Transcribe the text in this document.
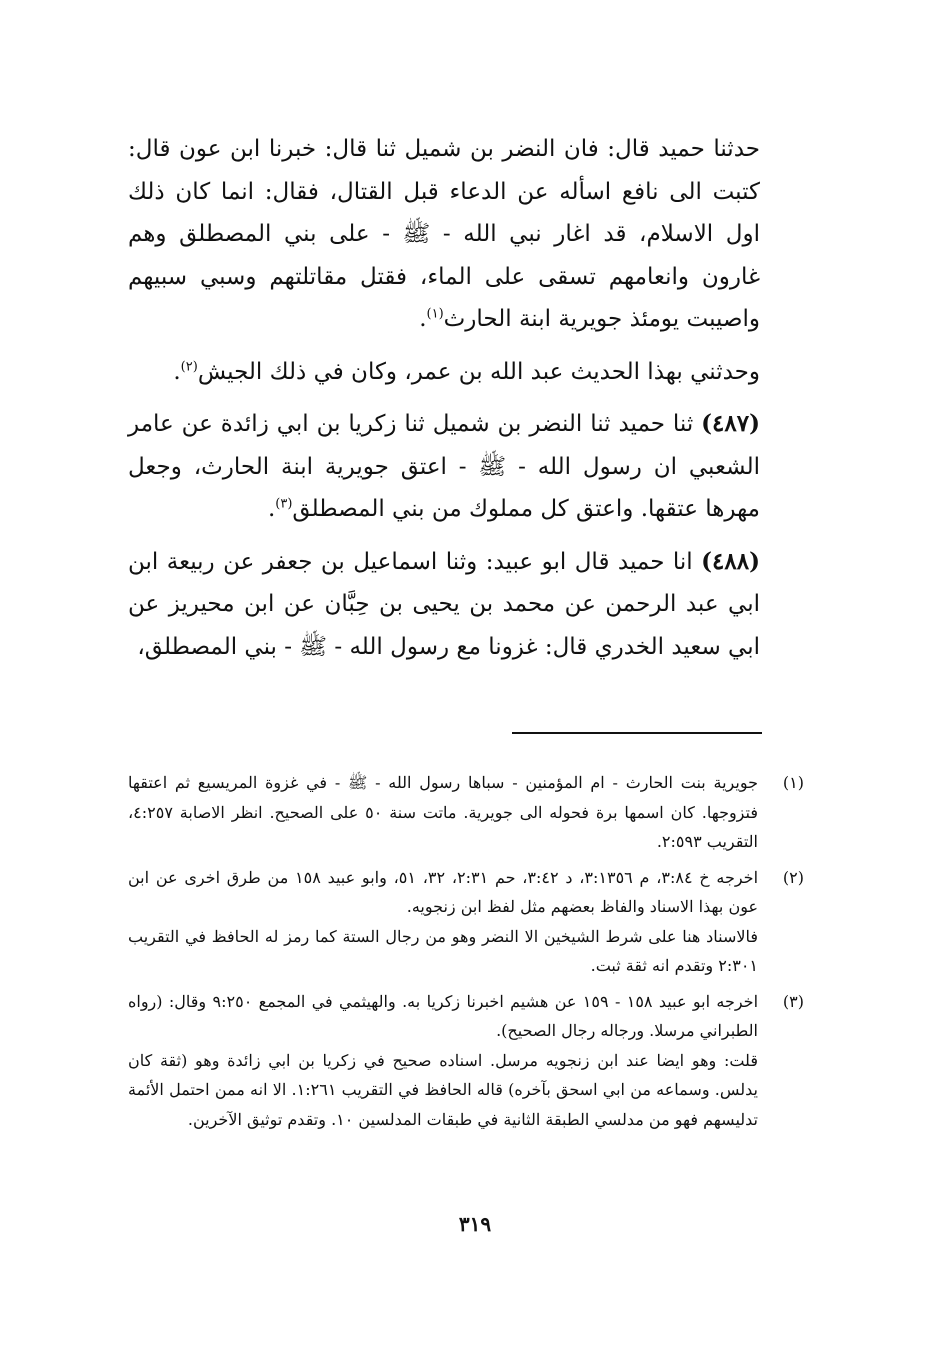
حدثنا حميد قال: فان النضر بن شميل ثنا قال: خبرنا ابن عون قال: كتبت الى نافع اسأله عن الدعاء قبل القتال، فقال: انما كان ذلك اول الاسلام، قد اغار نبي الله - ﷺ - على بني المصطلق وهم غارون وانعامهم تسقى على الماء، فقتل مقاتلتهم وسبي سبيهم واصيبت يومئذ جويرية ابنة الحارث$^{(١)}$.

وحدثني بهذا الحديث عبد الله بن عمر، وكان في ذلك الجيش$^{(٢)}$.

(٤٨٧) ثنا حميد ثنا النضر بن شميل ثنا زكريا بن ابي زائدة عن عامر الشعبي ان رسول الله - ﷺ - اعتق جويرية ابنة الحارث، وجعل مهرها عتقها. واعتق كل مملوك من بني المصطلق$^{(٣)}$.

(٤٨٨) انا حميد قال ابو عبيد: وثنا اسماعيل بن جعفر عن ربيعة ابن ابي عبد الرحمن عن محمد بن يحيى بن حِبَّان عن ابن محيريز عن ابي سعيد الخدري قال: غزونا مع رسول الله - ﷺ - بني المصطلق،

(١)

جويرية بنت الحارث - ام المؤمنين - سباها رسول الله - ﷺ - في غزوة المريسيع ثم اعتقها فتزوجها. كان اسمها برة فحوله الى جويرية. ماتت سنة ٥٠ على الصحيح. انظر الاصابة ٤:٢٥٧، التقريب ٢:٥٩٣.

(٢)

اخرجه خ ٣:٨٤، م ٣:١٣٥٦، د ٣:٤٢، حم ٢:٣١، ٣٢، ٥١، وابو عبيد ١٥٨ من طرق اخرى عن ابن عون بهذا الاسناد والفاظ بعضهم مثل لفظ ابن زنجويه.

فالاسناد هنا على شرط الشيخين الا النضر وهو من رجال الستة كما رمز له الحافظ في التقريب ٢:٣٠١ وتقدم انه ثقة ثبت.

(٣)

اخرجه ابو عبيد ١٥٨ - ١٥٩ عن هشيم اخبرنا زكريا به. والهيثمي في المجمع ٩:٢٥٠ وقال: (رواه الطبراني مرسلا. ورجاله رجال الصحيح).

قلت: وهو ايضا عند ابن زنجويه مرسل. اسناده صحيح في زكريا بن ابي زائدة وهو (ثقة كان يدلس. وسماعه من ابي اسحق بآخره) قاله الحافظ في التقريب ١:٢٦١. الا انه ممن احتمل الأئمة تدليسهم فهو من مدلسي الطبقة الثانية في طبقات المدلسين ١٠. وتقدم توثيق الآخرين.

٣١٩
